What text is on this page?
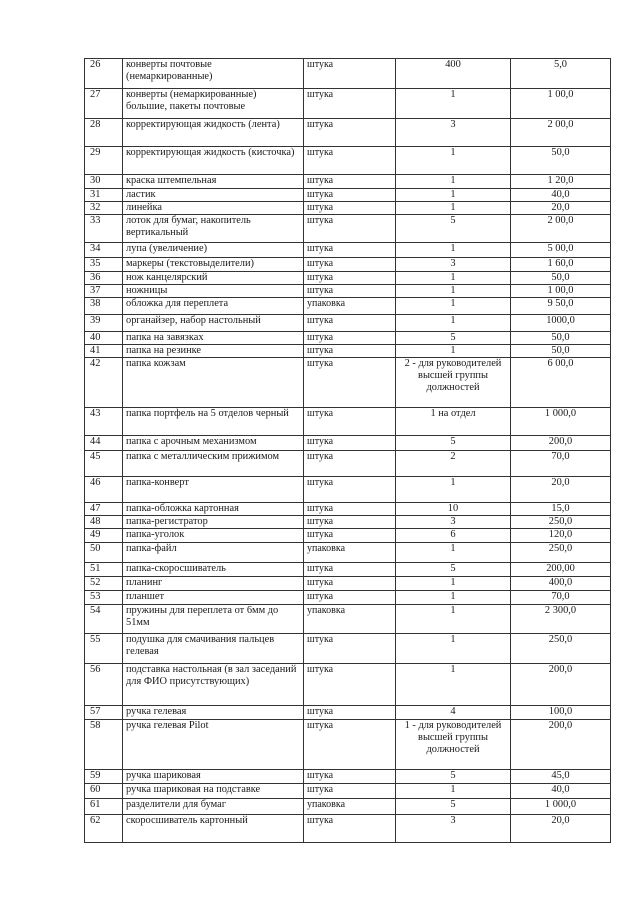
26	конверты почтовые (немаркированные)	штука	400	5,0
27	конверты (немаркированные) большие, пакеты почтовые	штука	1	1 00,0
28	корректирующая жидкость (лента)	штука	3	2 00,0
29	корректирующая жидкость (кисточка)	штука	1	50,0
30	краска штемпельная	штука	1	1 20,0
31	ластик	штука	1	40,0
32	линейка	штука	1	20,0
33	лоток для бумаг, накопитель вертикальный	штука	5	2 00,0
34	лупа (увеличение)	штука	1	5 00,0
35	маркеры (текстовыделители)	штука	3	1 60,0
36	нож канцелярский	штука	1	50,0
37	ножницы	штука	1	1 00,0
38	обложка для переплета	упаковка	1	9 50,0
39	органайзер, набор настольный	штука	1	1000,0
40	папка на завязках	штука	5	50,0
41	папка на резинке	штука	1	50,0
42	папка кожзам	штука	2 - для руководителей высшей группы должностей	6 00,0
43	папка портфель на 5 отделов черный	штука	1 на отдел	1 000,0
44	папка с арочным механизмом	штука	5	200,0
45	папка с металлическим прижимом	штука	2	70,0
46	папка-конверт	штука	1	20,0
47	папка-обложка картонная	штука	10	15,0
48	папка-регистратор	штука	3	250,0
49	папка-уголок	штука	6	120,0
50	папка-файл	упаковка	1	250,0
51	папка-скоросшиватель	штука	5	200,00
52	планинг	штука	1	400,0
53	планшет	штука	1	70,0
54	пружины для переплета от 6мм до 51мм	упаковка	1	2 300,0
55	подушка для смачивания пальцев гелевая	штука	1	250,0
56	подставка настольная (в зал заседаний для ФИО присутствующих)	штука	1	200,0
57	ручка гелевая	штука	4	100,0
58	ручка гелевая Pilot	штука	1 - для руководителей высшей группы должностей	200,0
59	ручка шариковая	штука	5	45,0
60	ручка шариковая на подставке	штука	1	40,0
61	разделители для бумаг	упаковка	5	1 000,0
62	скоросшиватель картонный	штука	3	20,0
